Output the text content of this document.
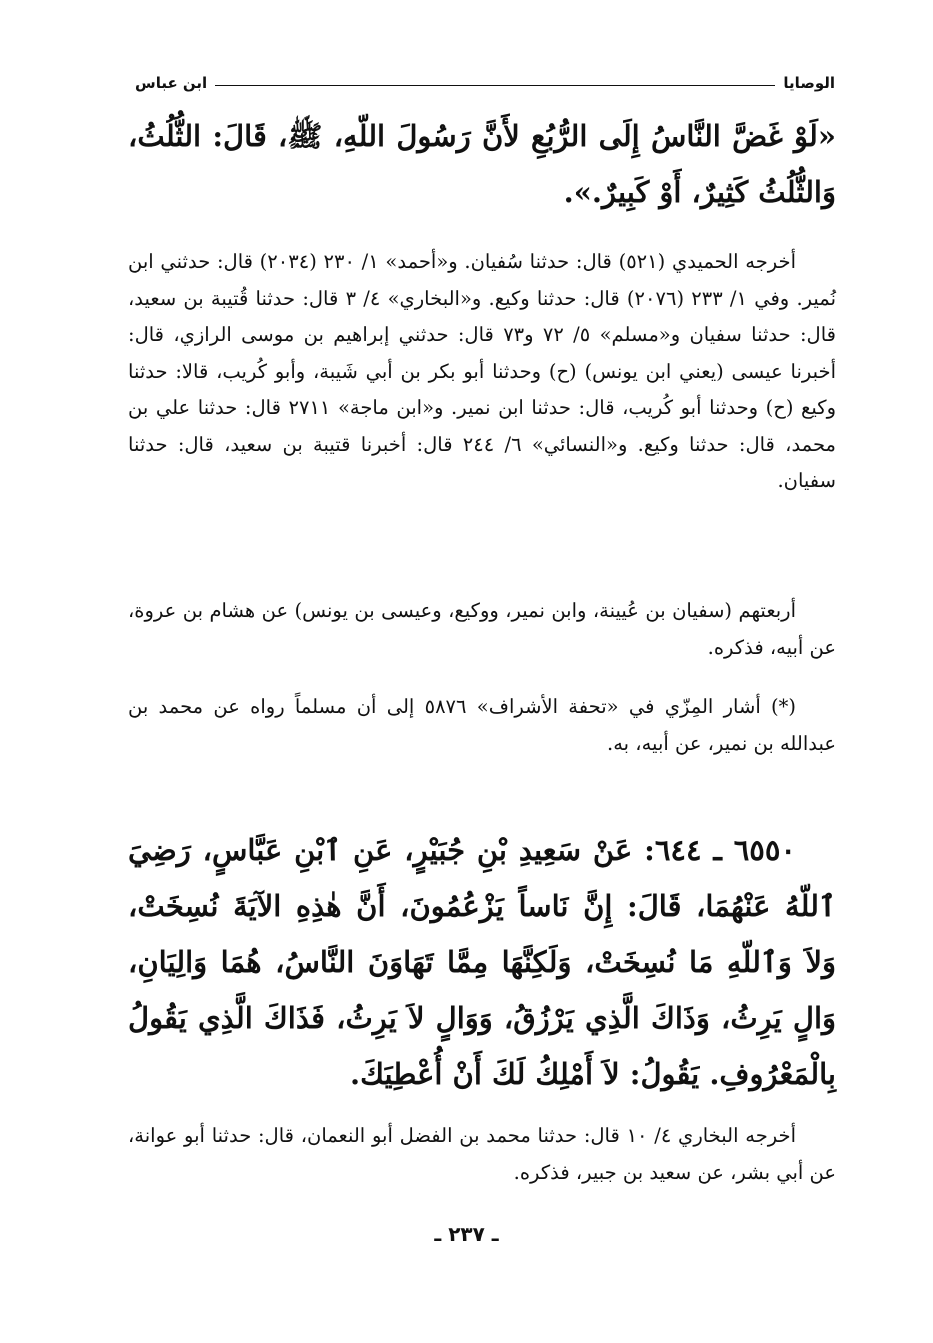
الوصايا
ابن عباس
«لَوْ غَضَّ النَّاسُ إِلَى الرُّبُعِ لأَنَّ رَسُولَ اللّهِ، ﷺ، قَالَ: الثُّلُثُ، وَالثُّلُثُ كَثِيرٌ، أَوْ كَبِيرٌ.».
أخرجه الحميدي (٥٢١) قال: حدثنا سُفيان. و«أحمد» ١/ ٢٣٠ (٢٠٣٤) قال: حدثني ابن نُمير. وفي ١/ ٢٣٣ (٢٠٧٦) قال: حدثنا وكيع. و«البخاري» ٤/ ٣ قال: حدثنا قُتيبة بن سعيد، قال: حدثنا سفيان و«مسلم» ٥/ ٧٢ و٧٣ قال: حدثني إبراهيم بن موسى الرازي، قال: أخبرنا عيسى (يعني ابن يونس) (ح) وحدثنا أبو بكر بن أبي شَيبة، وأبو كُريب، قالا: حدثنا وكيع (ح) وحدثنا أبو كُريب، قال: حدثنا ابن نمير. و«ابن ماجة» ٢٧١١ قال: حدثنا علي بن محمد، قال: حدثنا وكيع. و«النسائي» ٦/ ٢٤٤ قال: أخبرنا قتيبة بن سعيد، قال: حدثنا سفيان.
أربعتهم (سفيان بن عُيينة، وابن نمير، ووكيع، وعيسى بن يونس) عن هشام بن عروة، عن أبيه، فذكره.
(*) أشار المِزّي في «تحفة الأشراف» ٥٨٧٦ إلى أن مسلماً رواه عن محمد بن عبدالله بن نمير، عن أبيه، به.
٦٥٥٠ ـ ٦٤٤: عَنْ سَعِيدِ بْنِ جُبَيْرٍ، عَنِ ٱبْنِ عَبَّاسٍ، رَضِيَ ٱللّهُ عَنْهُمَا، قَالَ: إِنَّ نَاساً يَزْعُمُونَ، أَنَّ هٰذِهِ الآيَةَ نُسِخَتْ، وَلاَ وَٱللّهِ مَا نُسِخَتْ، وَلَكِنَّهَا مِمَّا تَهَاوَنَ النَّاسُ، هُمَا وَالِيَانِ، وَالٍ يَرِثُ، وَذَاكَ الَّذِي يَرْزُقُ، وَوَالٍ لاَ يَرِثُ، فَذَاكَ الَّذِي يَقُولُ بِالْمَعْرُوفِ. يَقُولُ: لاَ أَمْلِكُ لَكَ أَنْ أُعْطِيَكَ.
أخرجه البخاري ٤/ ١٠ قال: حدثنا محمد بن الفضل أبو النعمان، قال: حدثنا أبو عوانة، عن أبي بشر، عن سعيد بن جبير، فذكره.
ـ ٢٣٧ ـ
